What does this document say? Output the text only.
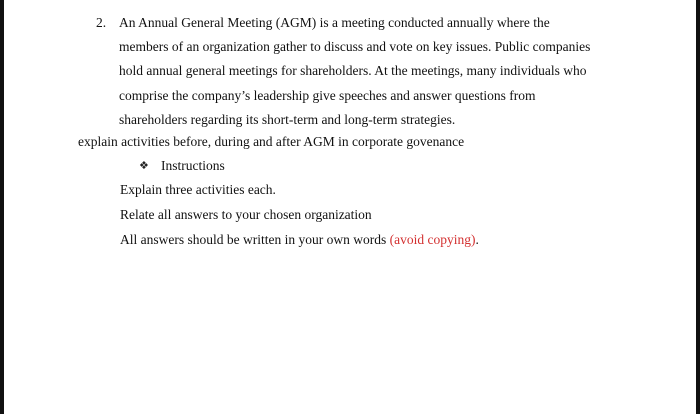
2. An Annual General Meeting (AGM) is a meeting conducted annually where the
members of an organization gather to discuss and vote on key issues. Public companies
hold annual general meetings for shareholders. At the meetings, many individuals who
comprise the company’s leadership give speeches and answer questions from
shareholders regarding its short-term and long-term strategies.
explain activities before, during and after AGM in corporate govenance
❖ Instructions
Explain three activities each.
Relate all answers to your chosen organization
All answers should be written in your own words (avoid copying).
